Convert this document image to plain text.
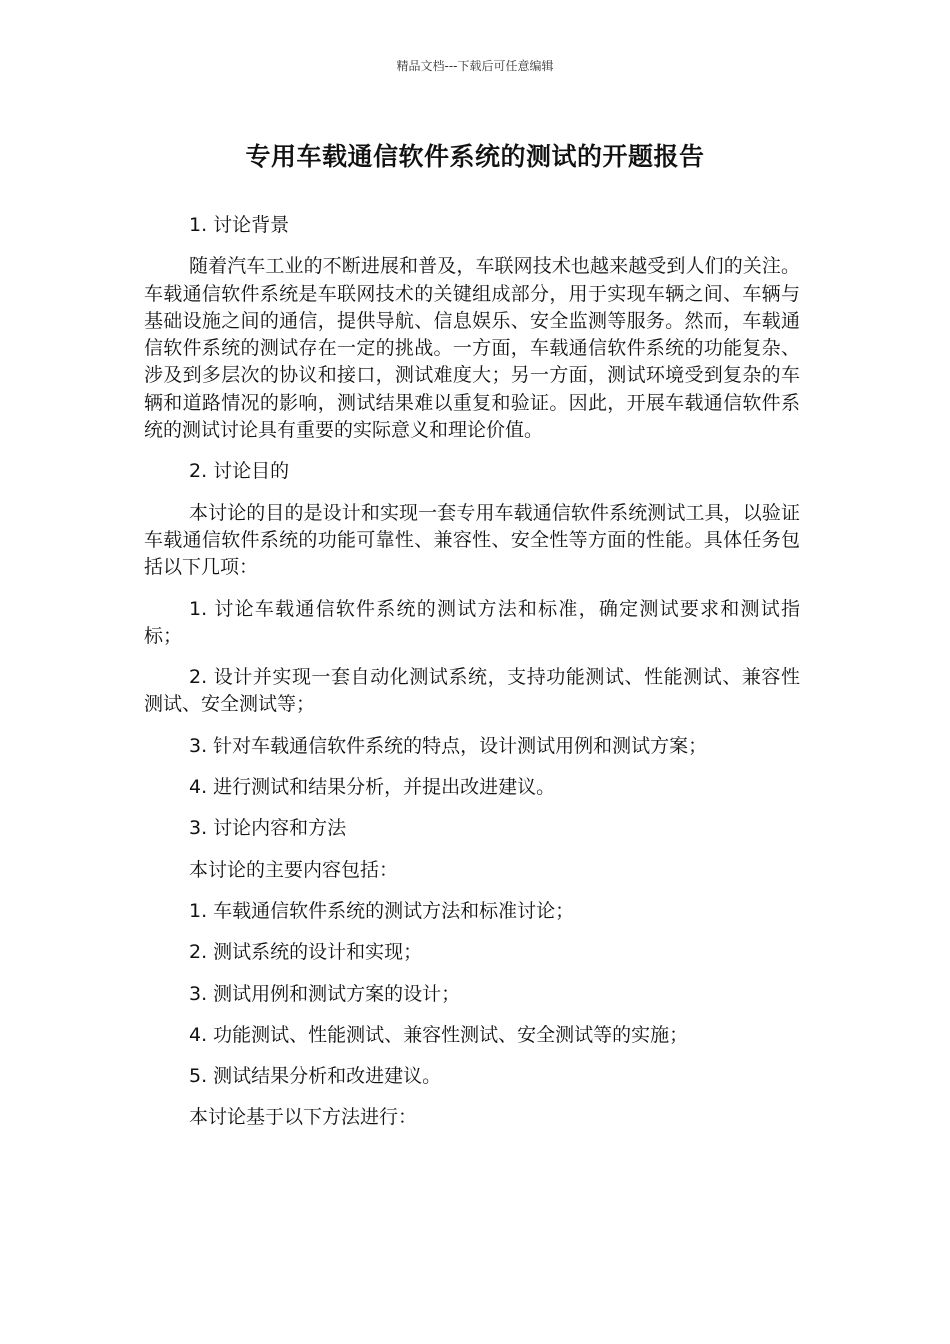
精品文档---下载后可任意编辑
专用车载通信软件系统的测试的开题报告

1. 讨论背景

随着汽车工业的不断进展和普及，车联网技术也越来越受到人们的关注。车载通信软件系统是车联网技术的关键组成部分，用于实现车辆之间、车辆与基础设施之间的通信，提供导航、信息娱乐、安全监测等服务。然而，车载通信软件系统的测试存在一定的挑战。一方面，车载通信软件系统的功能复杂、涉及到多层次的协议和接口，测试难度大；另一方面，测试环境受到复杂的车辆和道路情况的影响，测试结果难以重复和验证。因此，开展车载通信软件系统的测试讨论具有重要的实际意义和理论价值。

2. 讨论目的

本讨论的目的是设计和实现一套专用车载通信软件系统测试工具，以验证车载通信软件系统的功能可靠性、兼容性、安全性等方面的性能。具体任务包括以下几项：

1. 讨论车载通信软件系统的测试方法和标准，确定测试要求和测试指标；

2. 设计并实现一套自动化测试系统，支持功能测试、性能测试、兼容性测试、安全测试等；

3. 针对车载通信软件系统的特点，设计测试用例和测试方案；

4. 进行测试和结果分析，并提出改进建议。

3. 讨论内容和方法

本讨论的主要内容包括：

1. 车载通信软件系统的测试方法和标准讨论；

2. 测试系统的设计和实现；

3. 测试用例和测试方案的设计；

4. 功能测试、性能测试、兼容性测试、安全测试等的实施；

5. 测试结果分析和改进建议。

本讨论基于以下方法进行：
